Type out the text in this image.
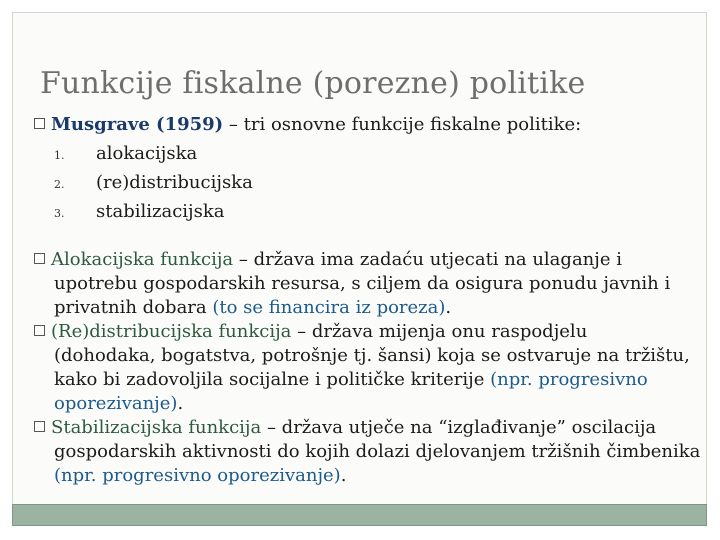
Funkcije fiskalne (porezne) politike
Musgrave (1959) – tri osnovne funkcije fiskalne politike:
1. alokacijska
2. (re)distribucijska
3. stabilizacijska
Alokacijska funkcija – država ima zadaću utjecati na ulaganje i
upotrebu gospodarskih resursa, s ciljem da osigura ponudu javnih i
privatnih dobara (to se financira iz poreza).
(Re)distribucijska funkcija – država mijenja onu raspodjelu
(dohodaka, bogatstva, potrošnje tj. šansi) koja se ostvaruje na tržištu,
kako bi zadovoljila socijalne i političke kriterije (npr. progresivno
oporezivanje).
Stabilizacijska funkcija – država utječe na “izglađivanje” oscilacija
gospodarskih aktivnosti do kojih dolazi djelovanjem tržišnih čimbenika
(npr. progresivno oporezivanje).
